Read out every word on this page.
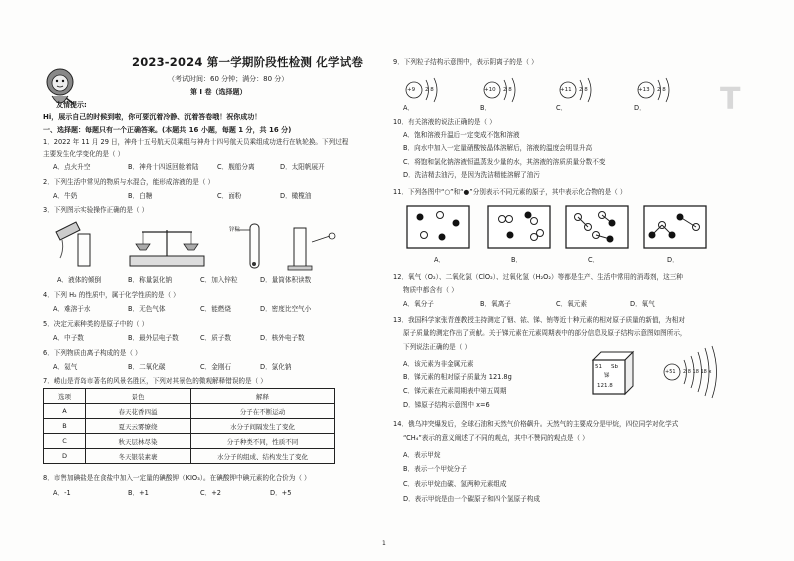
2023-2024 第一学期阶段性检测 化学试卷
（考试时间：60 分钟；满分：80 分）
第 Ⅰ 卷（选择题）
友情提示:
Hi，展示自己的时候到啦，你可要沉着冷静、沉着答卷哦！祝你成功！
一、选择题：每题只有一个正确答案。(本题共 16 小题，每题 1 分，共 16 分)
1．2022 年 11 月 29 日，神舟十五号航天员乘组与神舟十四号航天员乘组成功进行在轨轮换。下列过程
主要发生化学变化的是（ ）
A．点火升空	B．神舟十四返回舱着陆	C．舰船分离	D．太阳帆展开
2．下列生活中常见的物质与水混合，能形成溶液的是（ ）
A．牛奶	B．白糖	C．面粉	D．橄榄油
3．下列图示实验操作正确的是（ ）
锌粒
A．液体的倾倒	B．称量氯化钠	C．加入锌粒	D．量筒体积读数
4．下列 H₂ 的性质中，属于化学性质的是（ ）
A．难溶于水	B．无色气体	C．能燃烧	D．密度比空气小
5．决定元素种类的是原子中的（ ）
A．中子数	B．最外层电子数	C．质子数	D．核外电子数
6．下列物质由离子构成的是（ ）
A．氦气	B．二氧化碳	C．金刚石	D．氯化钠
7．崂山是青岛市著名的风景名胜区，下列对其景色的微观解释错误的是（ ）
选项	景色	解释
A	春天花香四溢	分子在不断运动
B	夏天云雾缭绕	水分子间隔发生了变化
C	秋天层林尽染	分子种类不同，性质不同
D	冬天银装素裹	水分子的组成、结构发生了变化
8．市售加碘盐是在食盐中加入一定量的碘酸钾（KIO₃）。在碘酸钾中碘元素的化合价为（ ）
A．-1	B．+1	C．+2	D．+5
T
9．下列粒子结构示意图中，表示阴离子的是（ ）
+9 2 8	+10 2 8	+11 2 8	+13 2 8
A．	B．	C．	D．
10．有关溶液的说法正确的是（ ）
A．饱和溶液升温后一定变成不饱和溶液
B．向水中加入一定量硝酸铵晶体溶解后，溶液的温度会明显升高
C．将饱和氯化钠溶液恒温蒸发少量的水，其溶液的溶质质量分数不变
D．洗洁精去油污，是因为洗洁精能溶解了油污
11．下列各图中“○”和“●”分别表示不同元素的原子，其中表示化合物的是（ ）
A．	B．	C．	D．
12．氧气（O₂）、二氧化氯（ClO₂）、过氧化氢（H₂O₂）等都是生产、生活中常用的消毒剂，这三种
物质中都含有（ ）
A．氧分子	B．氧离子	C．氧元素	D．氧气
13．我国科学家张青莲教授主持测定了铟、铱、锑、铕等近十种元素的相对原子质量的新值，为相对
原子质量的测定作出了贡献。关于锑元素在元素周期表中的部分信息及原子结构示意图如图所示，
下列说法正确的是（ ）
A．该元素为非金属元素
B．锑元素的相对原子质量为 121.8g
C．锑元素在元素周期表中第五周期
D．锑原子结构示意图中 x=6
51 Sb
锑
121.8
+51 2 8 18 18 x
14．俄乌冲突爆发后，全球石油和天然气价格飙升。天然气的主要成分是甲烷，四位同学对化学式
“CH₄”表示的意义阐述了不同的观点，其中不赞同的观点是（ ）
A．表示甲烷
B．表示一个甲烷分子
C．表示甲烷由碳、氢两种元素组成
D．表示甲烷是由一个碳原子和四个氢原子构成
1
